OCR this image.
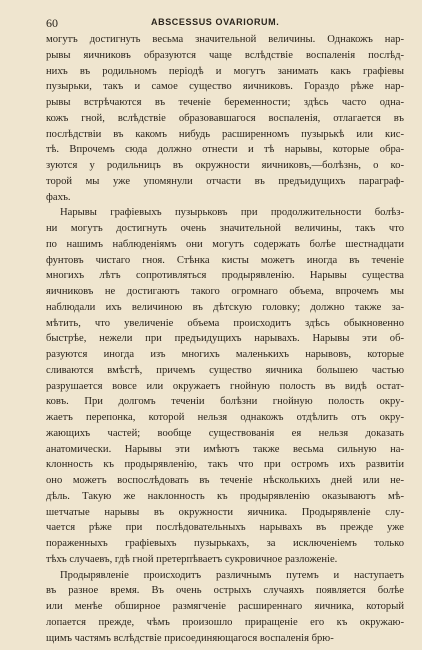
60	ABSCESSUS OVARIORUM.

могутъ достигнуть весьма значительной величины. Однакожъ нар-
рывы яичниковъ образуются чаще вслѣдствіе воспаленія послѣд-
нихъ въ родильномъ періодѣ и могутъ занимать какъ графіевы
пузырьки, такъ и самое существо яичниковъ. Гораздо рѣже нар-
рывы встрѣчаются въ теченіе беременности; здѣсь часто одна-
кожъ гной, вслѣдствіе образовавшагося воспаленія, отлагается въ
послѣдствіи въ какомъ нибудь расширенномъ пузырькѣ или кис-
тѣ. Впрочемъ сюда должно отнести и тѣ нарывы, которые обра-
зуются у родильницъ въ окружности яичниковъ,—болѣзнь, о ко-
торой мы уже упомянули отчасти въ предъидущихъ параграф-
фахъ.

Нарывы графіевыхъ пузырьковъ при продолжительности болѣз-
ни могутъ достигнуть очень значительной величины, такъ что
по нашимъ наблюденіямъ они могутъ содержать болѣе шестнадцати
фунтовъ чистаго гноя. Стѣнка кисты можетъ иногда въ теченіе
многихъ лѣтъ сопротивляться продырявленію. Нарывы существа
яичниковъ не достигаютъ такого огромнаго объема, впрочемъ мы
наблюдали ихъ величиною въ дѣтскую головку; должно также за-
мѣтить, что увеличеніе объема происходитъ здѣсь обыкновенно
быстрѣе, нежели при предъидущихъ нарывахъ. Нарывы эти об-
разуются иногда изъ многихъ маленькихъ нарывовъ, которые
сливаются вмѣстѣ, причемъ существо яичника большею частью
разрушается вовсе или окружаетъ гнойную полость въ видѣ остат-
ковъ. При долгомъ теченіи болѣзни гнойную полость окру-
жаетъ перепонка, которой нельзя однакожъ отдѣлить отъ окру-
жающихъ частей; вообще существованія ея нельзя доказать
анатомически. Нарывы эти имѣютъ также весьма сильную на-
клонность къ продырявленію, такъ что при остромъ ихъ развитіи
оно можетъ воспослѣдовать въ теченіе нѣсколькихъ дней или не-
дѣль. Такую же наклонность къ продырявленію оказываютъ мѣ-
шетчатые нарывы въ окружности яичника. Продырявленіе слу-
чается рѣже при послѣдовательныхъ нарывахъ въ прежде уже
пораженныхъ графіевыхъ пузырькахъ, за исключеніемъ только
тѣхъ случаевъ, гдѣ гной претерпѣваетъ сукровичное разложеніе.

Продырявленіе происходитъ различнымъ путемъ и наступаетъ
въ разное время. Въ очень острыхъ случаяхъ появляется болѣе
или менѣе обширное размягченіе расширеннаго яичника, который
лопается прежде, чѣмъ произошло приращеніе его къ окружаю-
щимъ частямъ вслѣдствіе присоединяющагося воспаленія брю-
